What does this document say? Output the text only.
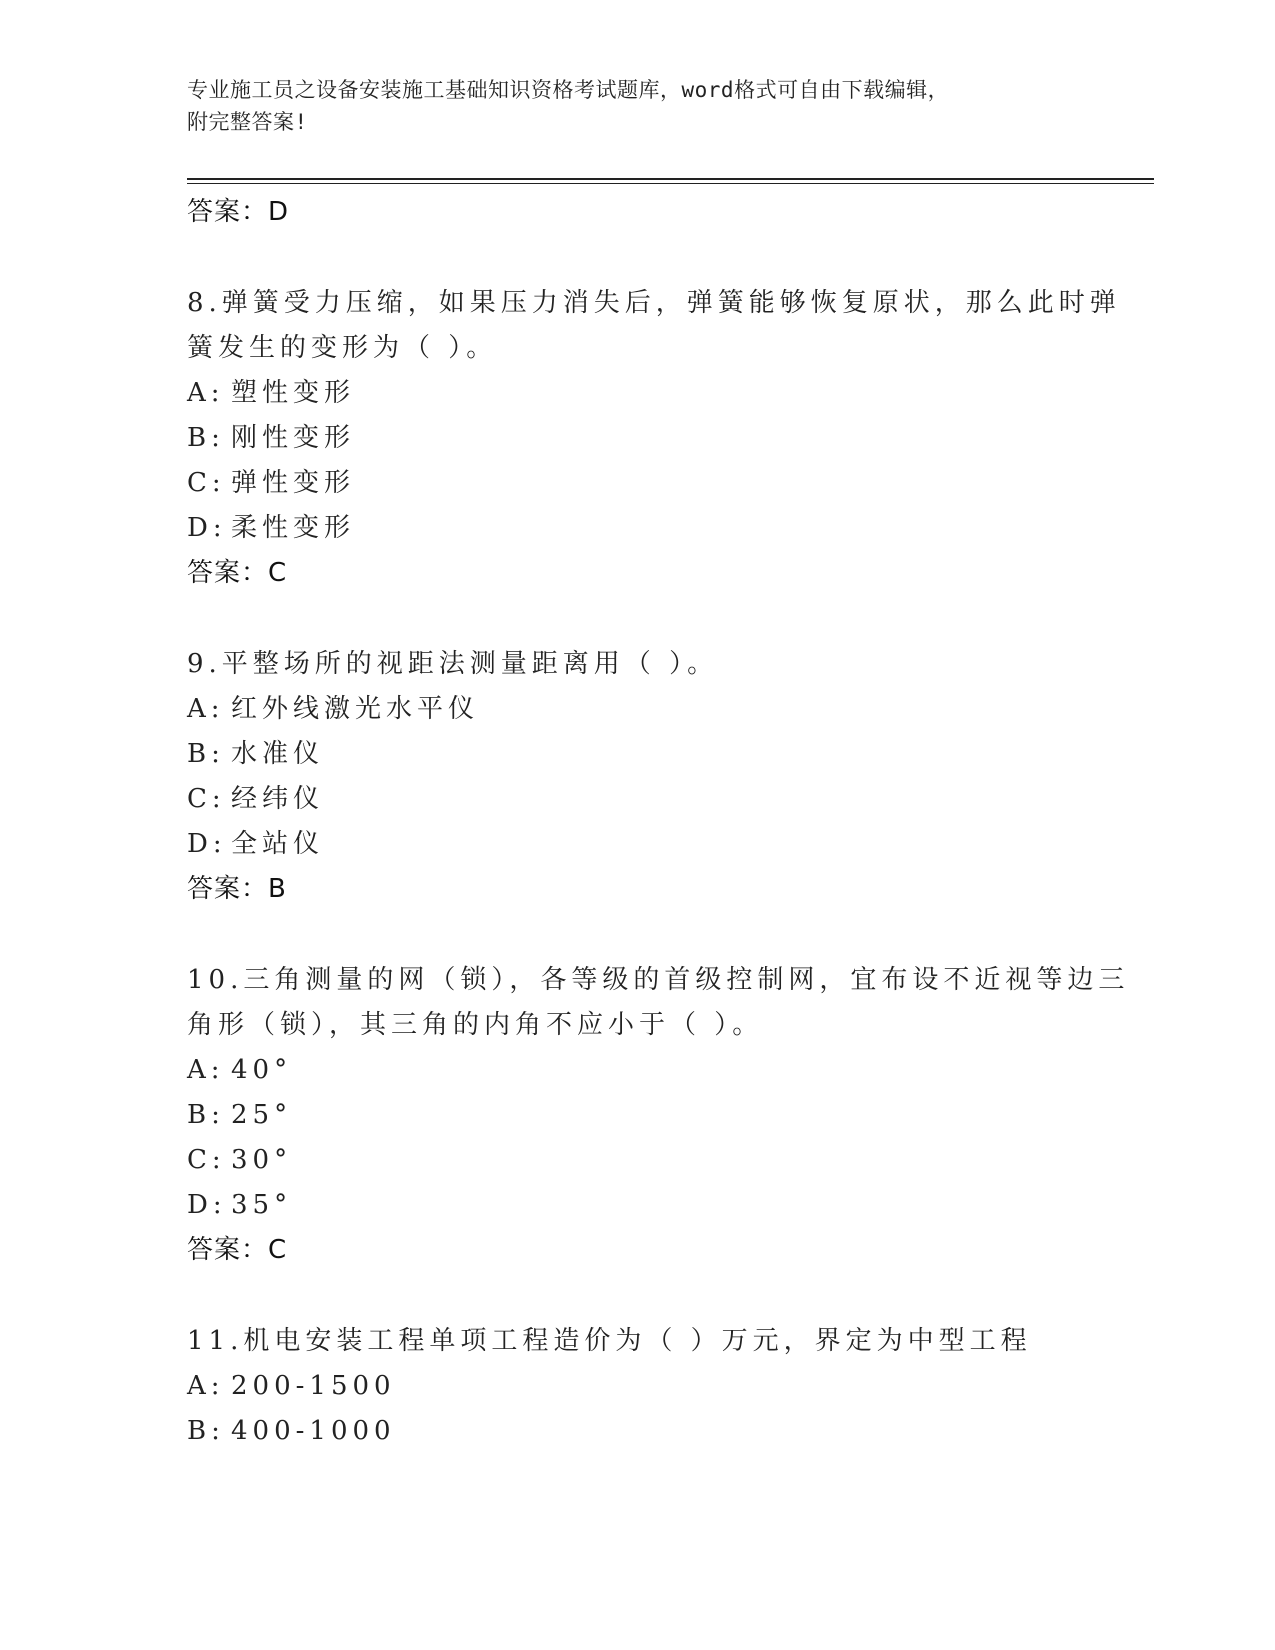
专业施工员之设备安装施工基础知识资格考试题库，word格式可自由下载编辑，
附完整答案!
答案：D
8.弹簧受力压缩，如果压力消失后，弹簧能够恢复原状，那么此时弹
簧发生的变形为（ ）。
A: 塑性变形
B: 刚性变形
C: 弹性变形
D: 柔性变形
答案：C
9.平整场所的视距法测量距离用（ ）。
A: 红外线激光水平仪
B: 水准仪
C: 经纬仪
D: 全站仪
答案：B
10.三角测量的网（锁），各等级的首级控制网，宜布设不近视等边三
角形（锁），其三角的内角不应小于（ ）。
A: 40°
B: 25°
C: 30°
D: 35°
答案：C
11.机电安装工程单项工程造价为（ ）万元，界定为中型工程
A: 200-1500
B: 400-1000
